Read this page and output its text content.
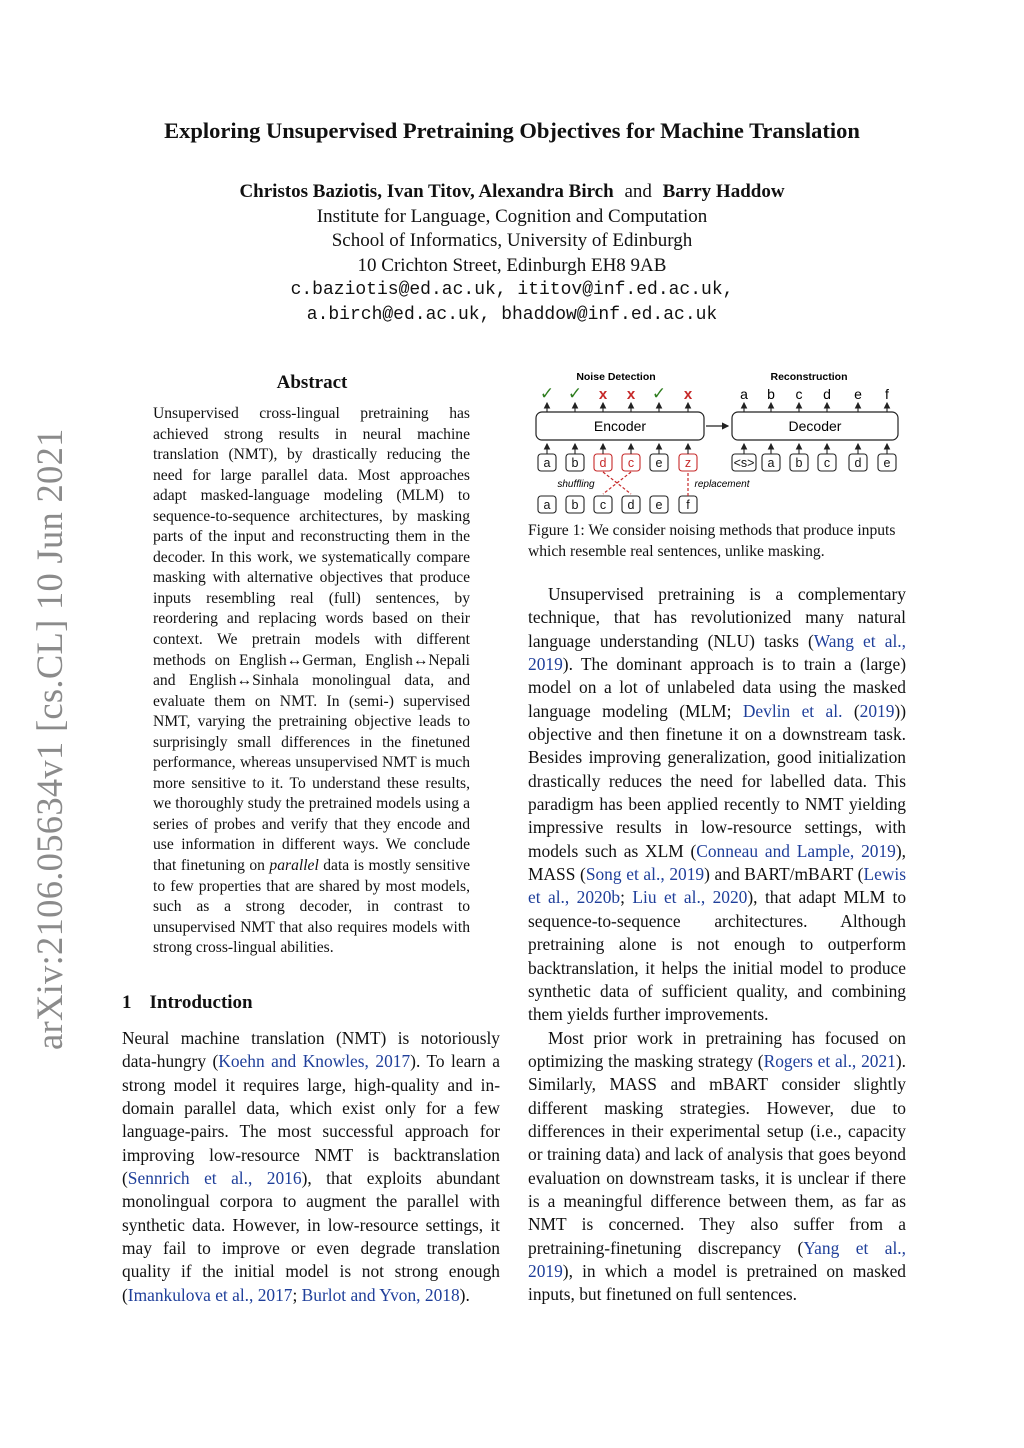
arXiv:2106.05634v1 [cs.CL] 10 Jun 2021
Exploring Unsupervised Pretraining Objectives for Machine Translation
Christos Baziotis, Ivan Titov, Alexandra Birch and Barry Haddow
Institute for Language, Cognition and Computation
School of Informatics, University of Edinburgh
10 Crichton Street, Edinburgh EH8 9AB
c.baziotis@ed.ac.uk, ititov@inf.ed.ac.uk,
a.birch@ed.ac.uk, bhaddow@inf.ed.ac.uk
Abstract
Unsupervised cross-lingual pretraining has achieved strong results in neural machine translation (NMT), by drastically reducing the need for large parallel data. Most approaches adapt masked-language modeling (MLM) to sequence-to-sequence architectures, by masking parts of the input and reconstructing them in the decoder. In this work, we systematically compare masking with alternative objectives that produce inputs resembling real (full) sentences, by reordering and replacing words based on their context. We pretrain models with different methods on English↔German, English↔Nepali and English↔Sinhala monolingual data, and evaluate them on NMT. In (semi-) supervised NMT, varying the pretraining objective leads to surprisingly small differences in the finetuned performance, whereas unsupervised NMT is much more sensitive to it. To understand these results, we thoroughly study the pretrained models using a series of probes and verify that they encode and use information in different ways. We conclude that finetuning on parallel data is mostly sensitive to few properties that are shared by most models, such as a strong decoder, in contrast to unsupervised NMT that also requires models with strong cross-lingual abilities.
1 Introduction

Neural machine translation (NMT) is notoriously data-hungry (Koehn and Knowles, 2017). To learn a strong model it requires large, high-quality and in-domain parallel data, which exist only for a few language-pairs. The most successful approach for improving low-resource NMT is backtranslation (Sennrich et al., 2016), that exploits abundant monolingual corpora to augment the parallel with synthetic data. However, in low-resource settings, it may fail to improve or even degrade translation quality if the initial model is not strong enough (Imankulova et al., 2017; Burlot and Yvon, 2018).

Noise Detection	Reconstruction
✓ ✓ x x ✓ x	a b c d e f
Encoder	Decoder
a b d c e z	<s> a b c d e
a b c d e f
shuffling	replacement
Figure 1: We consider noising methods that produce inputs which resemble real sentences, unlike masking.

Unsupervised pretraining is a complementary technique, that has revolutionized many natural language understanding (NLU) tasks (Wang et al., 2019). The dominant approach is to train a (large) model on a lot of unlabeled data using the masked language modeling (MLM; Devlin et al. (2019)) objective and then finetune it on a downstream task. Besides improving generalization, good initialization drastically reduces the need for labelled data. This paradigm has been applied recently to NMT yielding impressive results in low-resource settings, with models such as XLM (Conneau and Lample, 2019), MASS (Song et al., 2019) and BART/mBART (Lewis et al., 2020b; Liu et al., 2020), that adapt MLM to sequence-to-sequence architectures. Although pretraining alone is not enough to outperform backtranslation, it helps the initial model to produce synthetic data of sufficient quality, and combining them yields further improvements.

Most prior work in pretraining has focused on optimizing the masking strategy (Rogers et al., 2021). Similarly, MASS and mBART consider slightly different masking strategies. However, due to differences in their experimental setup (i.e., capacity or training data) and lack of analysis that goes beyond evaluation on downstream tasks, it is unclear if there is a meaningful difference between them, as far as NMT is concerned. They also suffer from a pretraining-finetuning discrepancy (Yang et al., 2019), in which a model is pretrained on masked inputs, but finetuned on full sentences.
